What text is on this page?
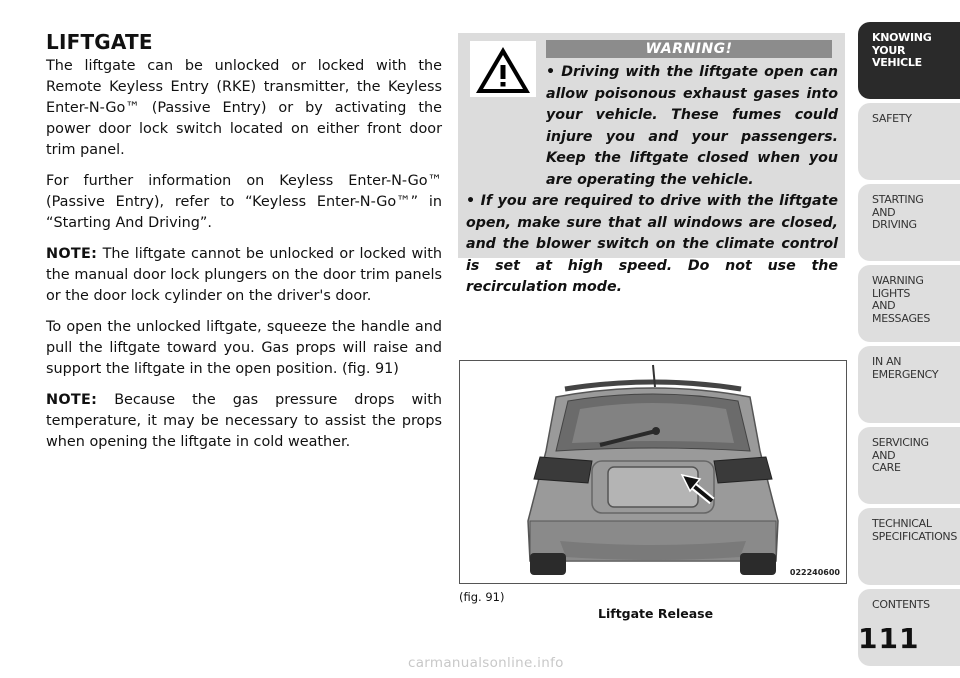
LIFTGATE

The liftgate can be unlocked or locked with the Remote Keyless Entry (RKE) transmitter, the Keyless Enter-N-Go™ (Passive Entry) or by activating the power door lock switch located on either front door trim panel.

For further information on Keyless Enter-N-Go™ (Passive Entry), refer to “Keyless Enter-N-Go™” in “Starting And Driving”.

NOTE: The liftgate cannot be unlocked or locked with the manual door lock plungers on the door trim panels or the door lock cylinder on the driver's door.

To open the unlocked liftgate, squeeze the handle and pull the liftgate toward you. Gas props will raise and support the liftgate in the open position. (fig. 91)

NOTE: Because the gas pressure drops with temperature, it may be necessary to assist the props when opening the liftgate in cold weather.

WARNING!

• Driving with the liftgate open can allow poisonous exhaust gases into your vehicle. These fumes could injure you and your passengers. Keep the liftgate closed when you are operating the vehicle.

• If you are required to drive with the liftgate open, make sure that all windows are closed, and the blower switch on the climate control is set at high speed. Do not use the recirculation mode.

022240600
(fig. 91)
Liftgate Release
KNOWING
YOUR
VEHICLE
SAFETY
STARTING
AND
DRIVING
WARNING
LIGHTS
AND
MESSAGES
IN AN
EMERGENCY
SERVICING
AND
CARE
TECHNICAL
SPECIFICATIONS
CONTENTS
111
carmanualsonline.info
